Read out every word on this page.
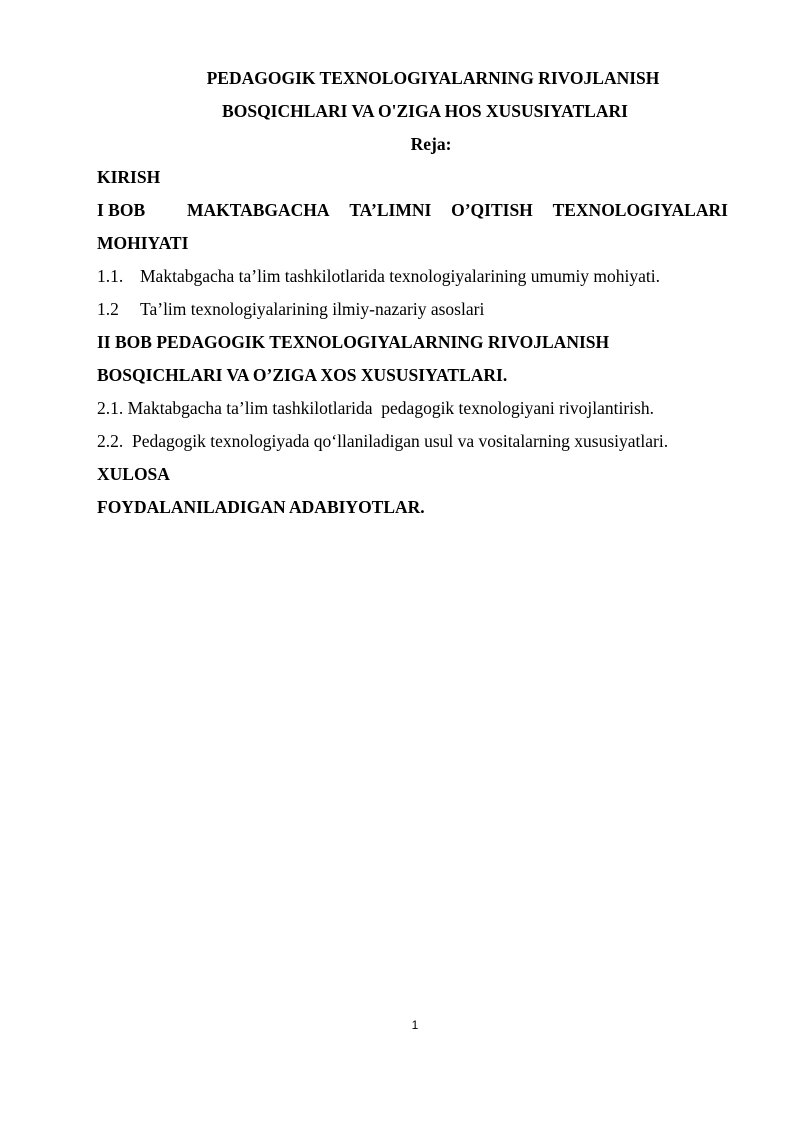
PEDAGOGIK TEXNOLOGIYALARNING RIVOJLANISH
BOSQICHLARI VA O'ZIGA HOS XUSUSIYATLARI
Reja:
KIRISH
I BOB MAKTABGACHA TA’LIMNI O’QITISH TEXNOLOGIYALARI
MOHIYATI
1.1. Maktabgacha ta’lim tashkilotlarida texnologiyalarining umumiy mohiyati.
1.2 Ta’lim texnologiyalarining ilmiy-nazariy asoslari
II BOB PEDAGOGIK TEXNOLOGIYALARNING RIVOJLANISH
BOSQICHLARI VA O’ZIGA XOS XUSUSIYATLARI.
2.1. Maktabgacha ta’lim tashkilotlarida  pedagogik texnologiyani rivojlantirish.
2.2.  Pedagogik texnologiyada qo‘llaniladigan usul va vositalarning xususiyatlari.
XULOSA
FOYDALANILADIGAN ADABIYOTLAR.
1
